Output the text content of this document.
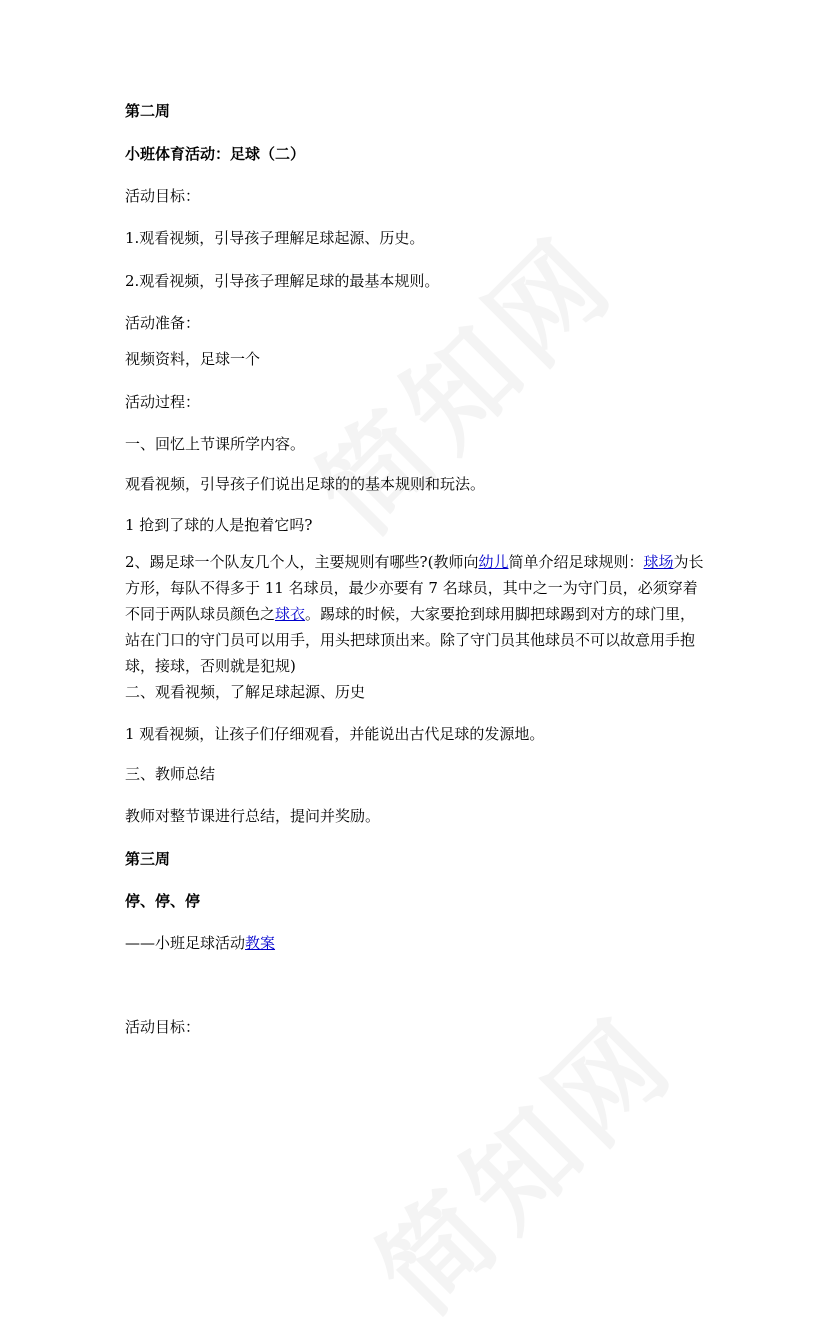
第二周

小班体育活动：足球（二）

活动目标：

1.观看视频，引导孩子理解足球起源、历史。

2.观看视频，引导孩子理解足球的最基本规则。

活动准备：

视频资料，足球一个

活动过程：

一、回忆上节课所学内容。

观看视频，引导孩子们说出足球的的基本规则和玩法。

1 抢到了球的人是抱着它吗?

2、踢足球一个队友几个人，主要规则有哪些?(教师向幼儿简单介绍足球规则：球场为长方形，每队不得多于 11 名球员，最少亦要有 7 名球员，其中之一为守门员，必须穿着不同于两队球员颜色之球衣。踢球的时候，大家要抢到球用脚把球踢到对方的球门里，站在门口的守门员可以用手，用头把球顶出来。除了守门员其他球员不可以故意用手抱球，接球，否则就是犯规)

二、观看视频，了解足球起源、历史

1 观看视频，让孩子们仔细观看，并能说出古代足球的发源地。

三、教师总结

教师对整节课进行总结，提问并奖励。

第三周

停、停、停

——小班足球活动教案

活动目标：
